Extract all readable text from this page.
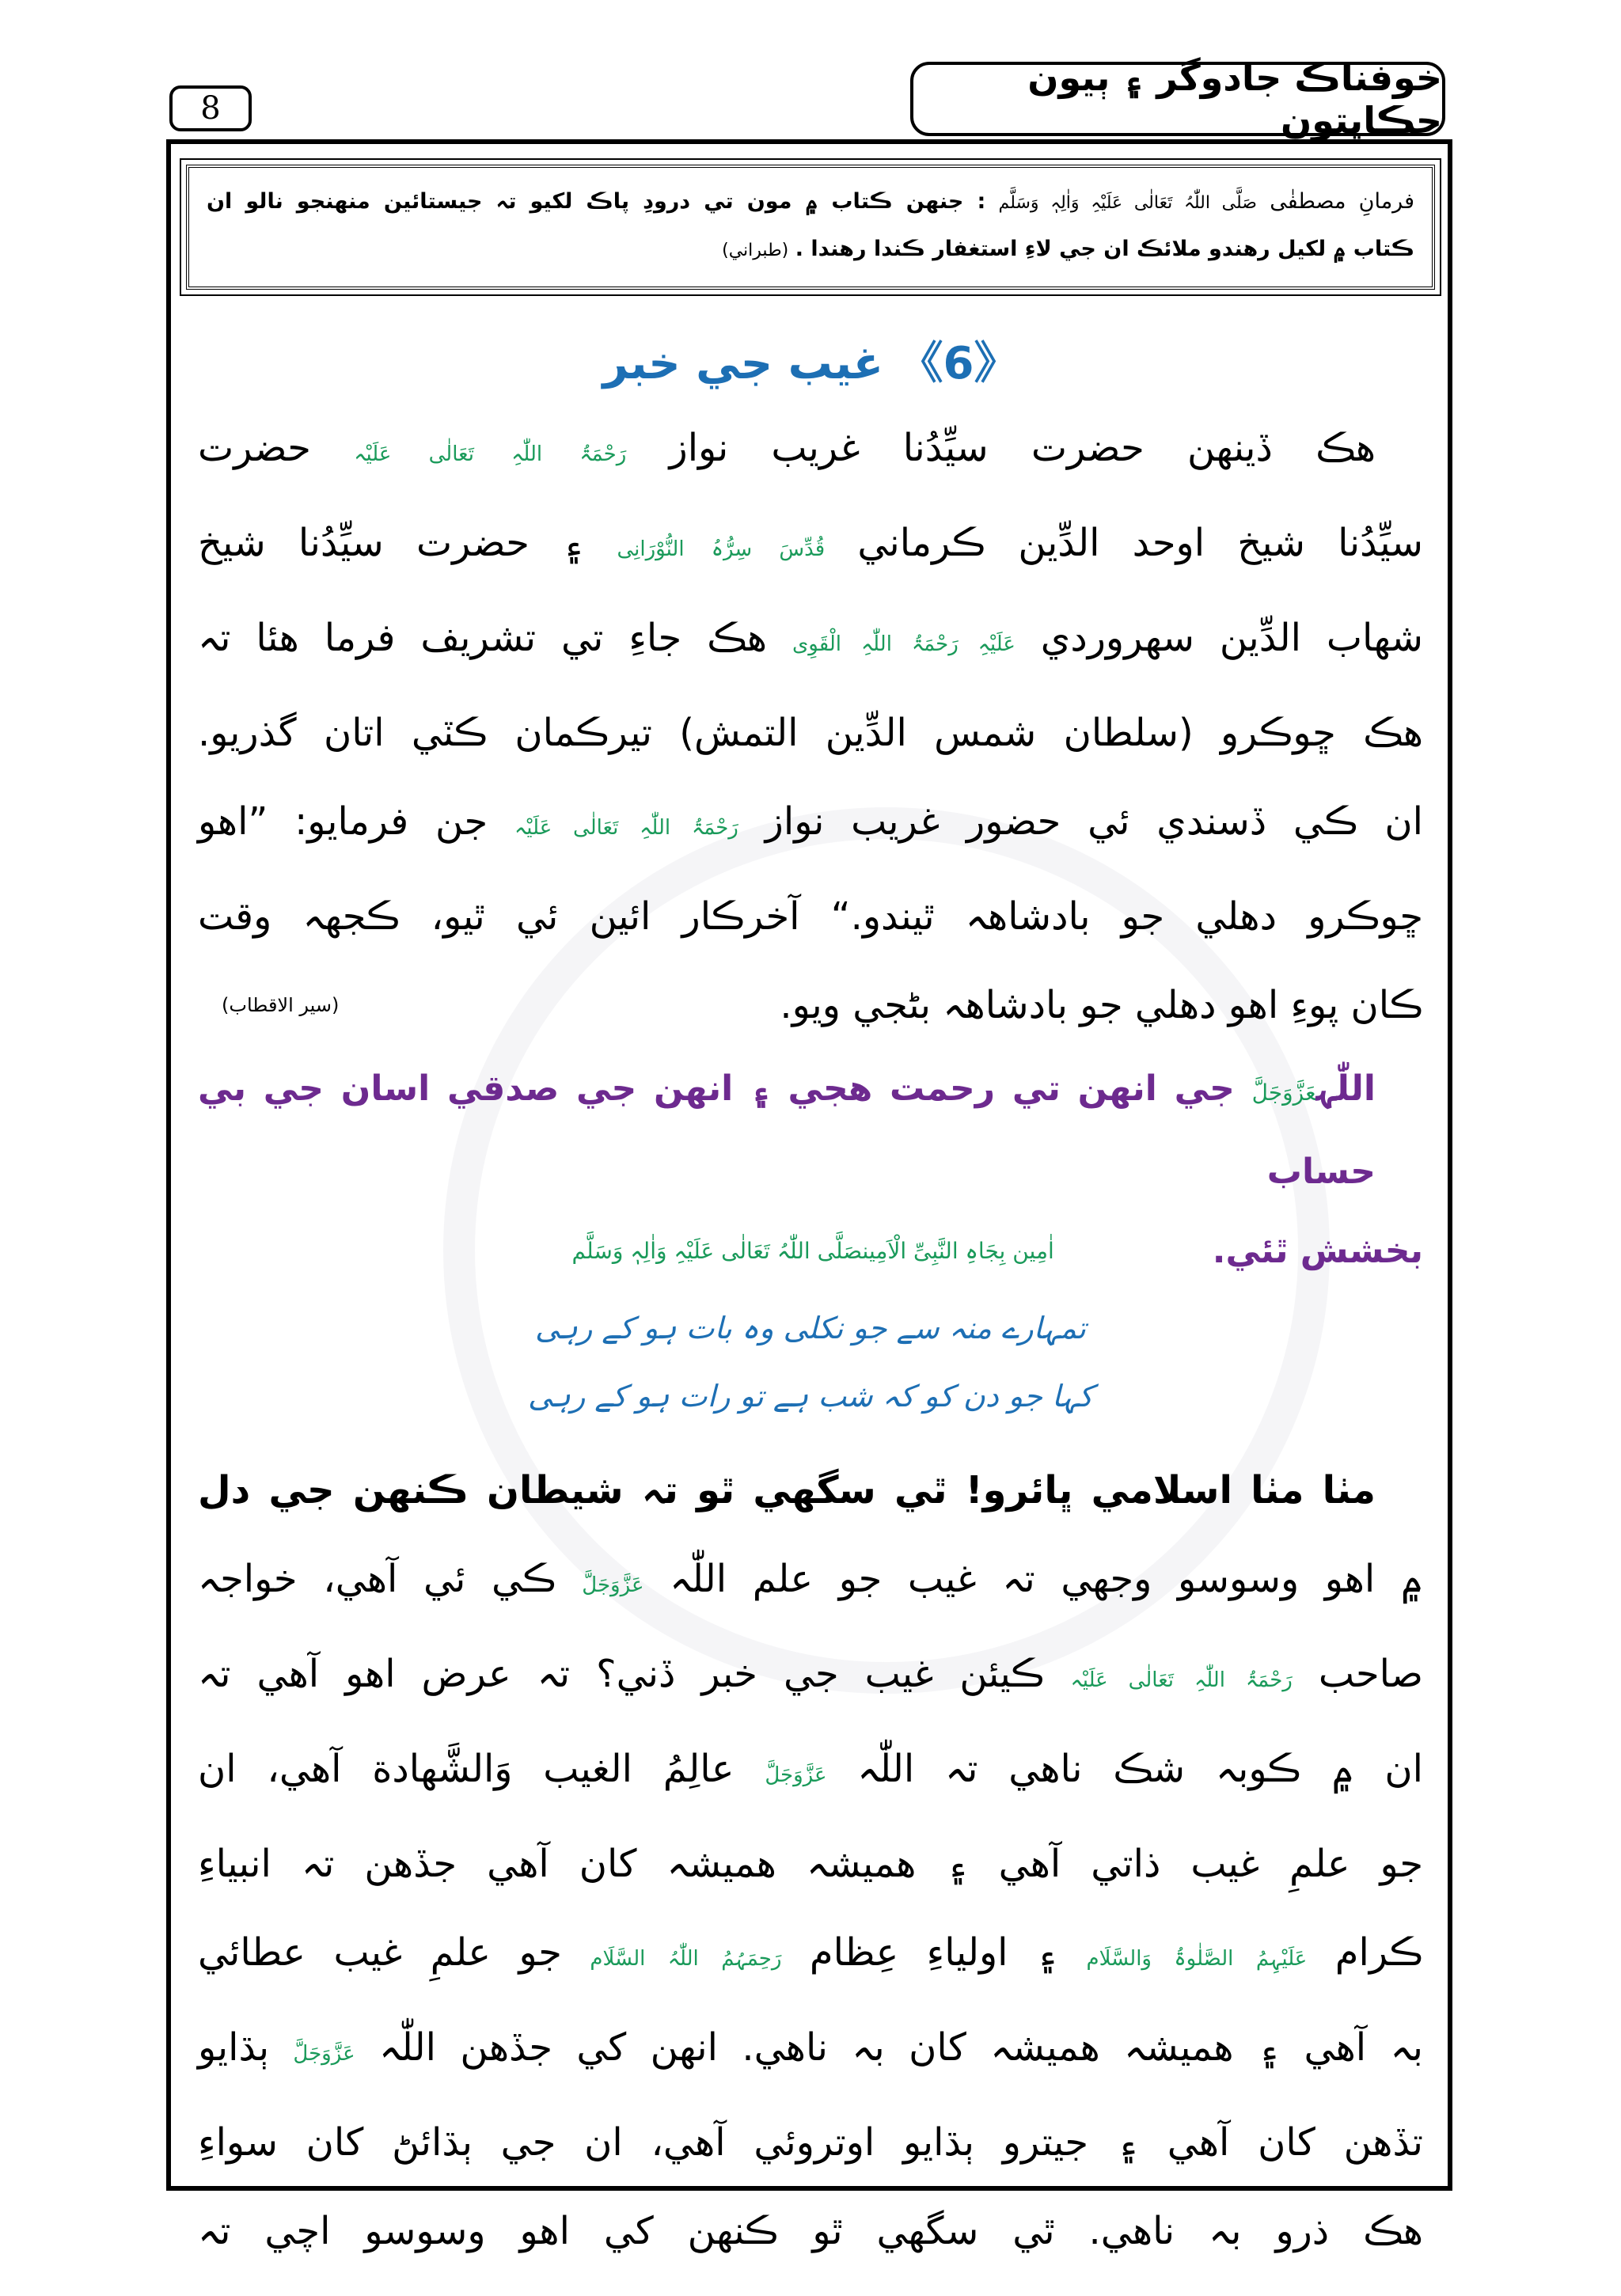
8
خوفناڪ جادوگر ۽ ٻيون حڪايتون
فرمانِ مصطفٰی صَلَّی اللّٰہُ تَعَالٰی عَلَیْہِ وَاٰلِہٖ وَسَلَّم : جنهن ڪتاب ۾ مون تي درودِ پاڪ لکيو تہ جيستائين منهنجو نالو ان
ڪتاب ۾ لکيل رهندو ملائڪ ان جي لاءِ استغفار ڪندا رهندا . (طبراني)
《6》 غيب جي خبر
هڪ ڏينهن حضرت سيِّدُنا غريب نواز رَحْمَۃُ اللّٰہِ تَعَالٰی عَلَیْہ حضرت
سيِّدُنا شيخ اوحد الدِّين ڪرماني قُدِّسَ سِرُّہُ النُّوْرَانِی ۽ حضرت سيِّدُنا شيخ
شهاب الدِّين سهروردي عَلَیْہِ رَحْمَۃُ اللّٰہِ الْقَوِی هڪ جاءِ تي تشريف فرما هئا تہ
هڪ ڇوڪرو (سلطان شمس الدِّين التمش) تيرڪمان ڪٽي اتان گذريو.
ان ڪي ڏسندي ئي حضور غريب نواز رَحْمَۃُ اللّٰہِ تَعَالٰی عَلَیْہ جن فرمايو: ”اهو
ڇوڪرو دهلي جو بادشاهہ ٿيندو.“ آخرڪار ائين ئي ٿيو، ڪجهہ وقت
ڪان پوءِ اهو دهلي جو بادشاهہ بڻجي ويو.
(سير الاقطاب)
اللّٰہعَزَّوَجَلَّ جي انهن تي رحمت هجي ۽ انهن جي صدقي اسان جي بي حساب
بخشش ٿئي.
اٰمِين بِجَاہِ النَّبِیِّ الْاَمِینصَلَّی اللّٰہُ تَعَالٰی عَلَیْہِ وَاٰلِہٖ وَسَلَّم
تمہارے منہ سے جو نکلی وہ بات ہو کے رہی
کہا جو دن کو کہ شب ہے تو رات ہو کے رہی
مٺا مٺا اسلامي ڀائرو! ٿي سگهي ٿو تہ شيطان ڪنهن جي دل
۾ اهو وسوسو وجهي تہ غيب جو علم اللّٰہ عَزَّوَجَلَّ ڪي ئي آهي، خواجہ
صاحب رَحْمَۃُ اللّٰہِ تَعَالٰی عَلَیْہ ڪيئن غيب جي خبر ڏني؟ تہ عرض اهو آهي تہ
ان ۾ ڪوبہ شڪ ناهي تہ اللّٰہ عَزَّوَجَلَّ عالِمُ الغيب وَالشَّهادة آهي، ان
جو علمِ غيب ذاتي آهي ۽ هميشہ هميشہ کان آهي جڏهن تہ انبياءِ
ڪرام عَلَیْہِمُ الصَّلٰوۃُ وَالسَّلَام ۽ اولياءِ عِظام رَحِمَہُمُ اللّٰہُ السَّلَام جو علمِ غيب عطائي
بہ آهي ۽ هميشہ هميشہ کان بہ ناهي. انهن کي جڏهن اللّٰہ عَزَّوَجَلَّ ٻڌايو
تڏهن کان آهي ۽ جيترو ٻڌايو اوتروئي آهي، ان جي ٻڌائڻ کان سواءِ
هڪ ذرو بہ ناهي. ٿي سگهي ٿو ڪنهن کي اهو وسوسو اچي تہ
